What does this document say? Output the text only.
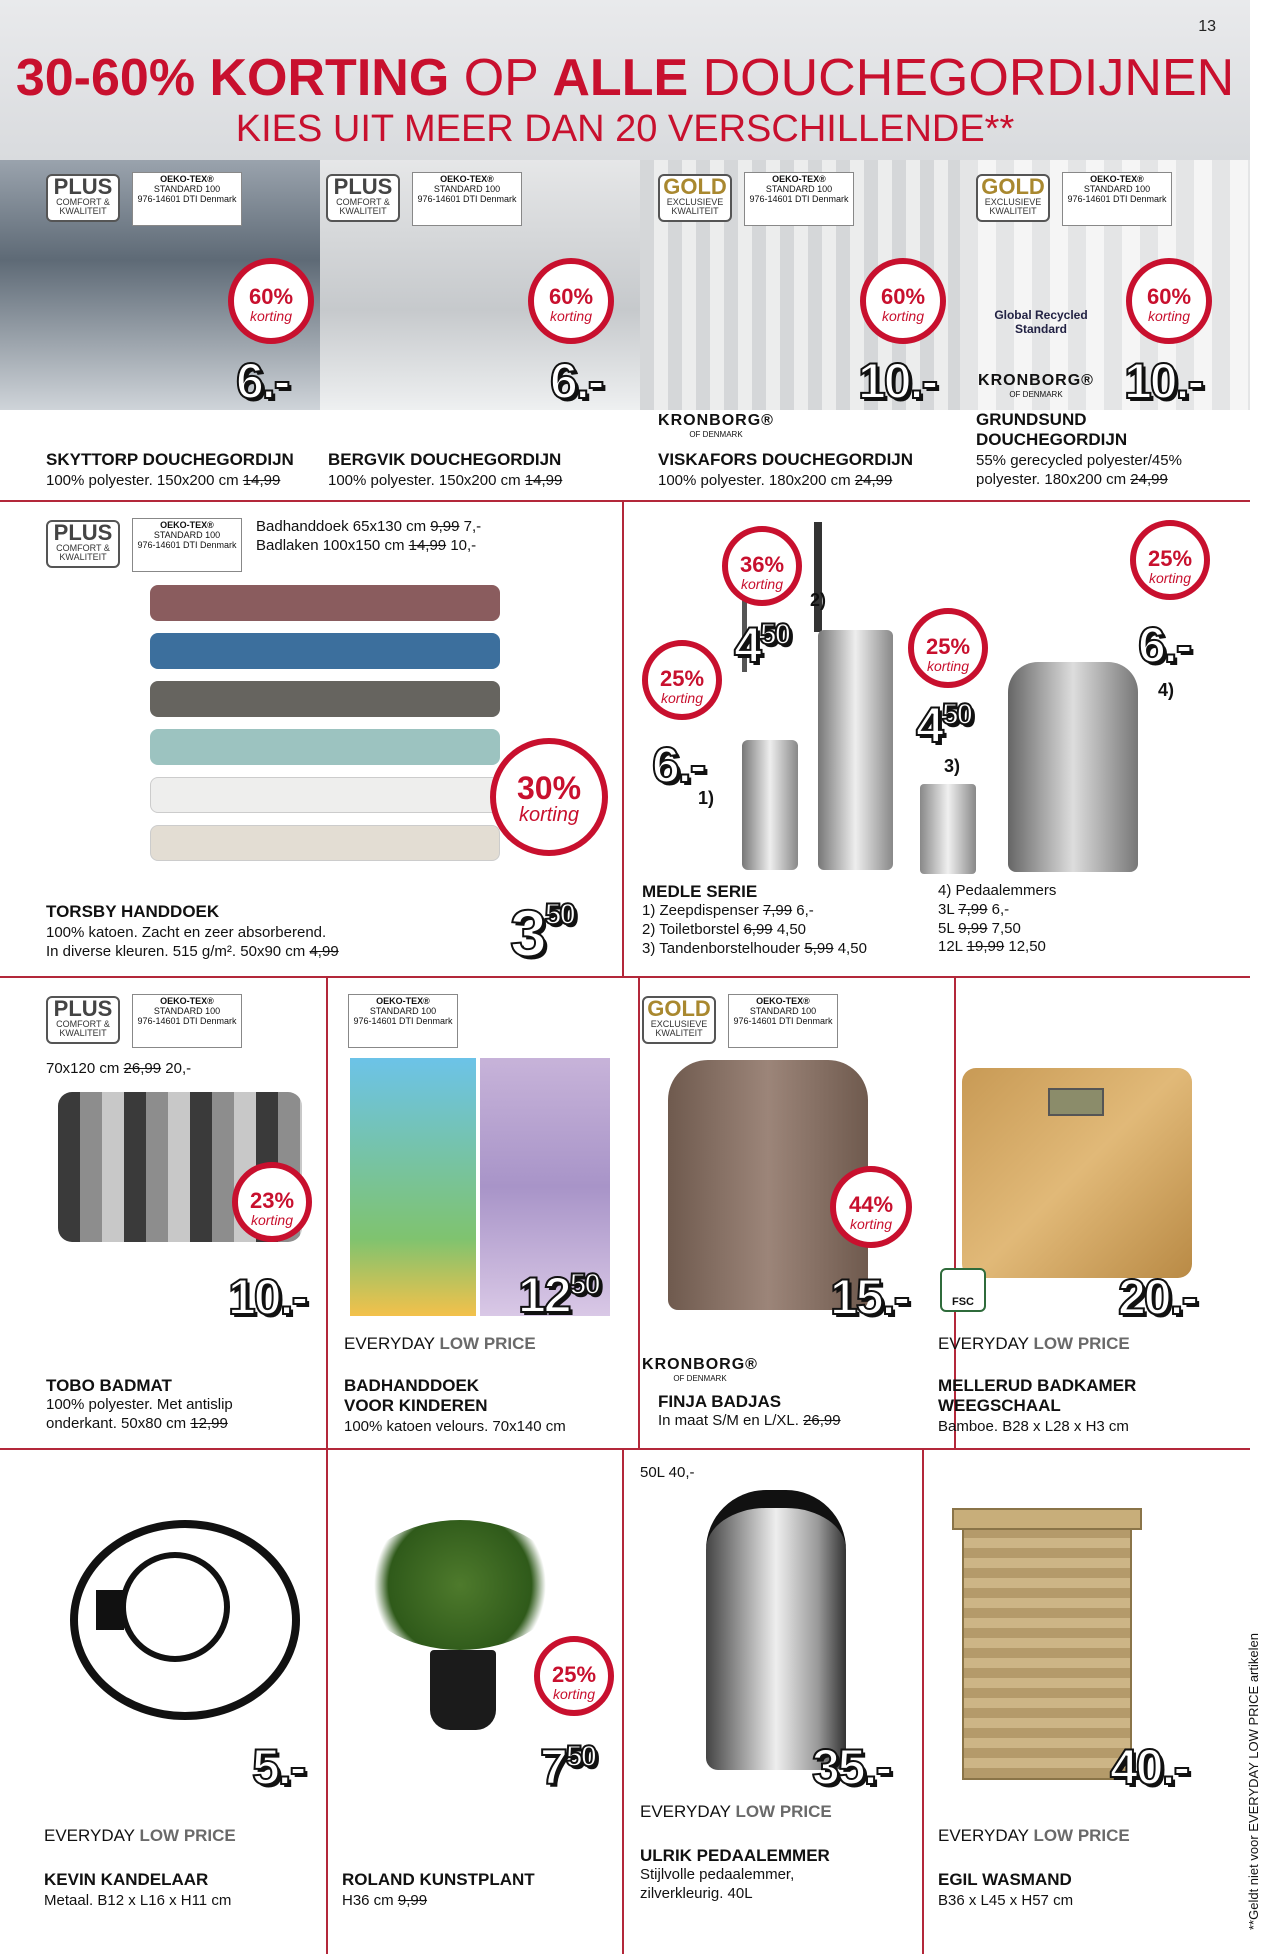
13
30-60% KORTING OP ALLE DOUCHEGORDIJNEN
KIES UIT MEER DAN 20 VERSCHILLENDE**
PLUS
COMFORT & KWALITEIT
OEKO-TEX®
STANDARD 100
976-14601 DTI Denmark	PLUS
COMFORT & KWALITEIT
OEKO-TEX®
STANDARD 100
976-14601 DTI Denmark	GOLD
EXCLUSIEVE KWALITEIT
OEKO-TEX®
STANDARD 100
976-14601 DTI Denmark	GOLD
EXCLUSIEVE KWALITEIT
OEKO-TEX®
STANDARD 100
976-14601 DTI Denmark
60%
korting
60%
korting
60%
korting
60%
korting
Global Recycled Standard
6.-	6.-	10.-	10.-
KRONBORG®
OF DENMARK
KRONBORG®
OF DENMARK
SKYTTORP DOUCHEGORDIJN
100% polyester. 150x200 cm 14,99
BERGVIK DOUCHEGORDIJN
100% polyester. 150x200 cm 14,99
VISKAFORS DOUCHEGORDIJN
100% polyester. 180x200 cm 24,99
GRUNDSUND
DOUCHEGORDIJN
55% gerecycled polyester/45%
polyester. 180x200 cm 24,99
PLUS
COMFORT & KWALITEIT
OEKO-TEX®
STANDARD 100
976-14601 DTI Denmark
Badhanddoek 65x130 cm 9,99 7,-
Badlaken 100x150 cm 14,99 10,-
30%
korting
$3^{50}$
TORSBY HANDDOEK
100% katoen. Zacht en zeer absorberend.
In diverse kleuren. 515 g/m². 50x90 cm 4,99
25%
korting
36%
korting
25%
korting
25%
korting
6.-
$4^{50}$
$4^{50}$
6.-
1)
2)
3)
4)
MEDLE SERIE
1) Zeepdispenser 7,99 6,-
2) Toiletborstel 6,99 4,50
3) Tandenborstelhouder 5,99 4,50
4) Pedaalemmers
3L 7,99 6,-
5L 9,99 7,50
12L 19,99 12,50
PLUS
COMFORT & KWALITEIT
OEKO-TEX®
STANDARD 100
976-14601 DTI Denmark
70x120 cm 26,99 20,-
23%
korting
10.-
TOBO BADMAT
100% polyester. Met antislip
onderkant. 50x80 cm 12,99
OEKO-TEX®
STANDARD 100
976-14601 DTI Denmark
$12^{50}$
EVERYDAY LOW PRICE
BADHANDDOEK
VOOR KINDEREN
100% katoen velours. 70x140 cm
GOLD
EXCLUSIEVE KWALITEIT
OEKO-TEX®
STANDARD 100
976-14601 DTI Denmark
44%
korting
15.-
KRONBORG®
OF DENMARK
FINJA BADJAS
In maat S/M en L/XL. 26,99
FSC	20.-
EVERYDAY LOW PRICE
MELLERUD BADKAMER
WEEGSCHAAL
Bamboe. B28 x L28 x H3 cm
5.-
EVERYDAY LOW PRICE
KEVIN KANDELAAR
Metaal. B12 x L16 x H11 cm
25%
korting
$7^{50}$
ROLAND KUNSTPLANT
H36 cm 9,99
50L 40,-
35.-
EVERYDAY LOW PRICE
ULRIK PEDAALEMMER
Stijlvolle pedaalemmer,
zilverkleurig. 40L
40.-
EVERYDAY LOW PRICE
EGIL WASMAND
B36 x L45 x H57 cm	**Geldt niet voor EVERYDAY LOW PRICE artikelen
